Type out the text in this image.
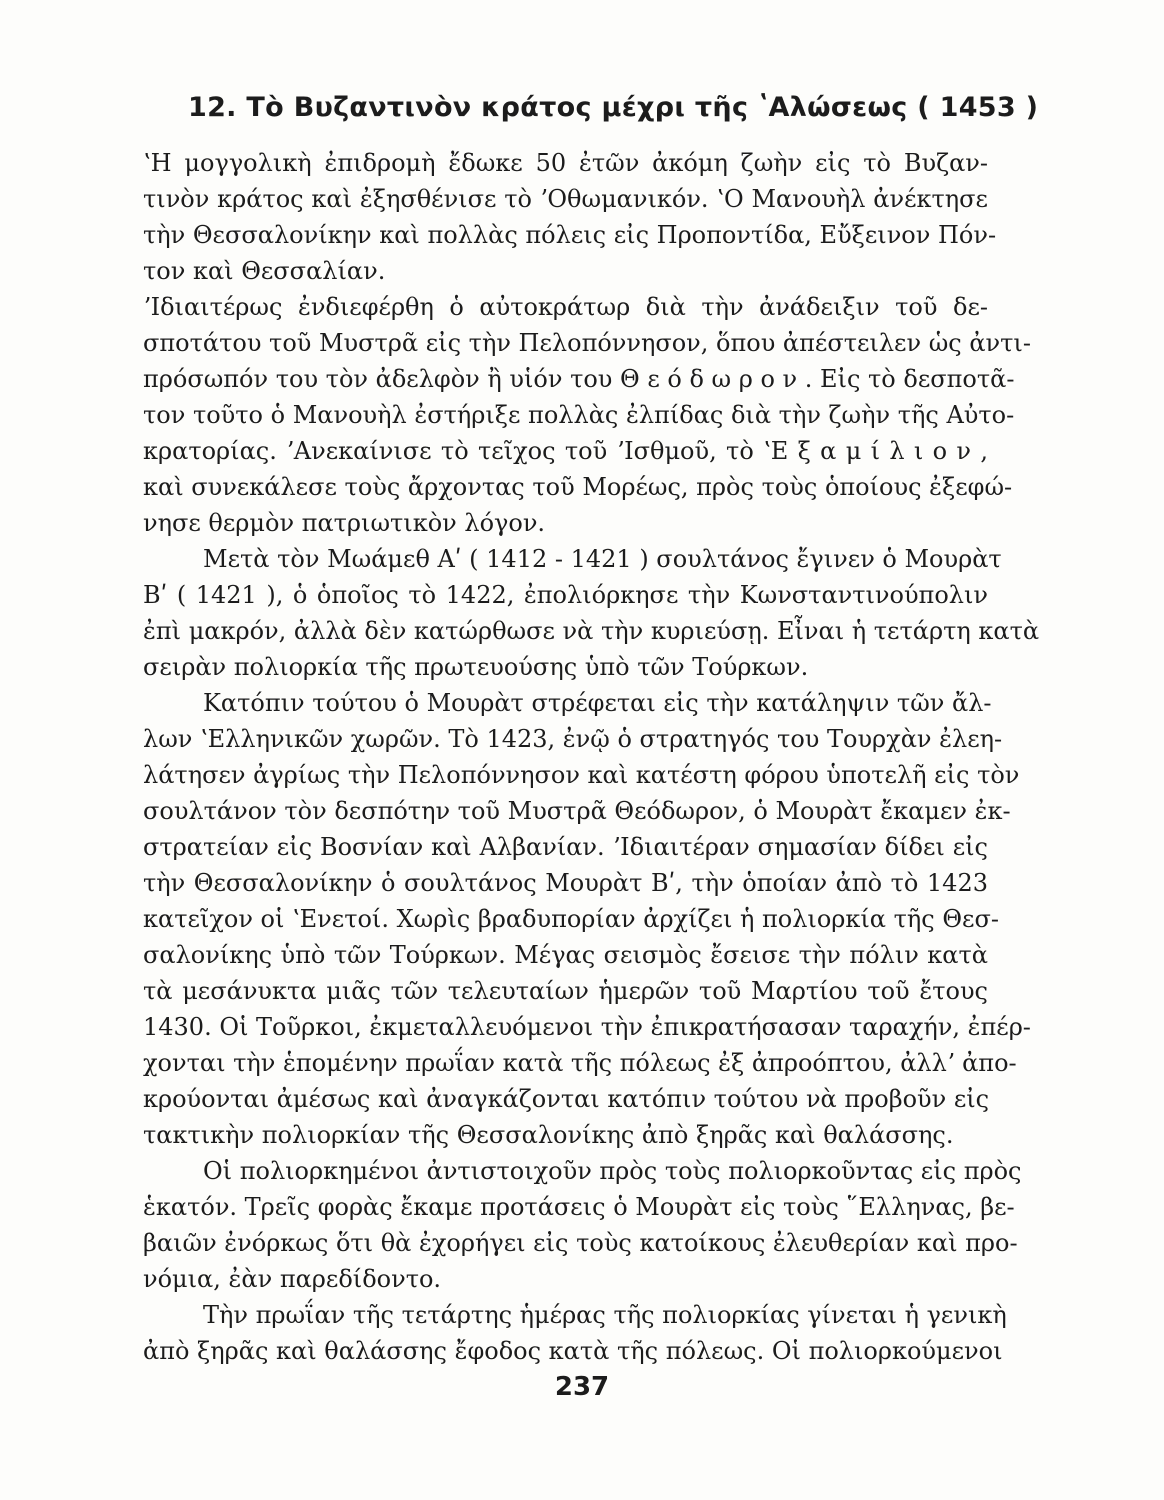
12. Τὸ Βυζαντινὸν κράτος μέχρι τῆς ʽΑλώσεως ( 1453 )
ʽΗ μογγολικὴ ἐπιδρομὴ ἔδωκε 50 ἐτῶν ἀκόμη ζωὴν εἰς τὸ Βυζαν-
τινὸν κράτος καὶ ἐξησθένισε τὸ ʼΟθωμανικόν. ʽΟ Μανουὴλ ἀνέκτησε
τὴν Θεσσαλονίκην καὶ πολλὰς πόλεις εἰς Προποντίδα, Εὔξεινον Πόν-
τον καὶ Θεσσαλίαν.
ʼΙδιαιτέρως ἐνδιεφέρθη ὁ αὐτοκράτωρ διὰ τὴν ἀνάδειξιν τοῦ δε-
σποτάτου τοῦ Μυστρᾶ εἰς τὴν Πελοπόννησον, ὅπου ἀπέστειλεν ὡς ἀντι-
πρόσωπόν του τὸν ἀδελφὸν ἢ υἱόν του Θ ε ό δ ω ρ ο ν . Εἰς τὸ δεσποτᾶ-
τον τοῦτο ὁ Μανουὴλ ἐστήριξε πολλὰς ἐλπίδας διὰ τὴν ζωὴν τῆς Αὐτο-
κρατορίας. ʼΑνεκαίνισε τὸ τεῖχος τοῦ ʼΙσθμοῦ, τὸ ʽΕ ξ α μ ί λ ι ο ν ,
καὶ συνεκάλεσε τοὺς ἄρχοντας τοῦ Μορέως, πρὸς τοὺς ὁποίους ἐξεφώ-
νησε θερμὸν πατριωτικὸν λόγον.
Μετὰ τὸν Μωάμεθ Αʹ ( 1412 - 1421 ) σουλτάνος ἔγινεν ὁ Μουρὰτ
Βʹ ( 1421 ), ὁ ὁποῖος τὸ 1422, ἐπολιόρκησε τὴν Κωνσταντινούπολιν
ἐπὶ μακρόν, ἀλλὰ δὲν κατώρθωσε νὰ τὴν κυριεύσῃ. Εἶναι ἡ τετάρτη κατὰ
σειρὰν πολιορκία τῆς πρωτευούσης ὑπὸ τῶν Τούρκων.
Κατόπιν τούτου ὁ Μουρὰτ στρέφεται εἰς τὴν κατάληψιν τῶν ἄλ-
λων ʽΕλληνικῶν χωρῶν. Τὸ 1423, ἐνῷ ὁ στρατηγός του Τουρχὰν ἐλεη-
λάτησεν ἀγρίως τὴν Πελοπόννησον καὶ κατέστη φόρου ὑποτελῆ εἰς τὸν
σουλτάνον τὸν δεσπότην τοῦ Μυστρᾶ Θεόδωρον, ὁ Μουρὰτ ἔκαμεν ἐκ-
στρατείαν εἰς Βοσνίαν καὶ Αλβανίαν. ʼΙδιαιτέραν σημασίαν δίδει εἰς
τὴν Θεσσαλονίκην ὁ σουλτάνος Μουρὰτ Βʹ, τὴν ὁποίαν ἀπὸ τὸ 1423
κατεῖχον οἱ ʽΕνετοί. Χωρὶς βραδυπορίαν ἀρχίζει ἡ πολιορκία τῆς Θεσ-
σαλονίκης ὑπὸ τῶν Τούρκων. Μέγας σεισμὸς ἔσεισε τὴν πόλιν κατὰ
τὰ μεσάνυκτα μιᾶς τῶν τελευταίων ἡμερῶν τοῦ Μαρτίου τοῦ ἔτους
1430. Οἱ Τοῦρκοι, ἐκμεταλλευόμενοι τὴν ἐπικρατήσασαν ταραχήν, ἐπέρ-
χονται τὴν ἑπομένην πρωΐαν κατὰ τῆς πόλεως ἐξ ἀπροόπτου, ἀλλʼ ἀπο-
κρούονται ἀμέσως καὶ ἀναγκάζονται κατόπιν τούτου νὰ προβοῦν εἰς
τακτικὴν πολιορκίαν τῆς Θεσσαλονίκης ἀπὸ ξηρᾶς καὶ θαλάσσης.
Οἱ πολιορκημένοι ἀντιστοιχοῦν πρὸς τοὺς πολιορκοῦντας εἰς πρὸς
ἑκατόν. Τρεῖς φορὰς ἔκαμε προτάσεις ὁ Μουρὰτ εἰς τοὺς ῞Ελληνας, βε-
βαιῶν ἐνόρκως ὅτι θὰ ἐχορήγει εἰς τοὺς κατοίκους ἐλευθερίαν καὶ προ-
νόμια, ἐὰν παρεδίδοντο.
Τὴν πρωΐαν τῆς τετάρτης ἡμέρας τῆς πολιορκίας γίνεται ἡ γενικὴ
ἀπὸ ξηρᾶς καὶ θαλάσσης ἔφοδος κατὰ τῆς πόλεως. Οἱ πολιορκούμενοι
237
